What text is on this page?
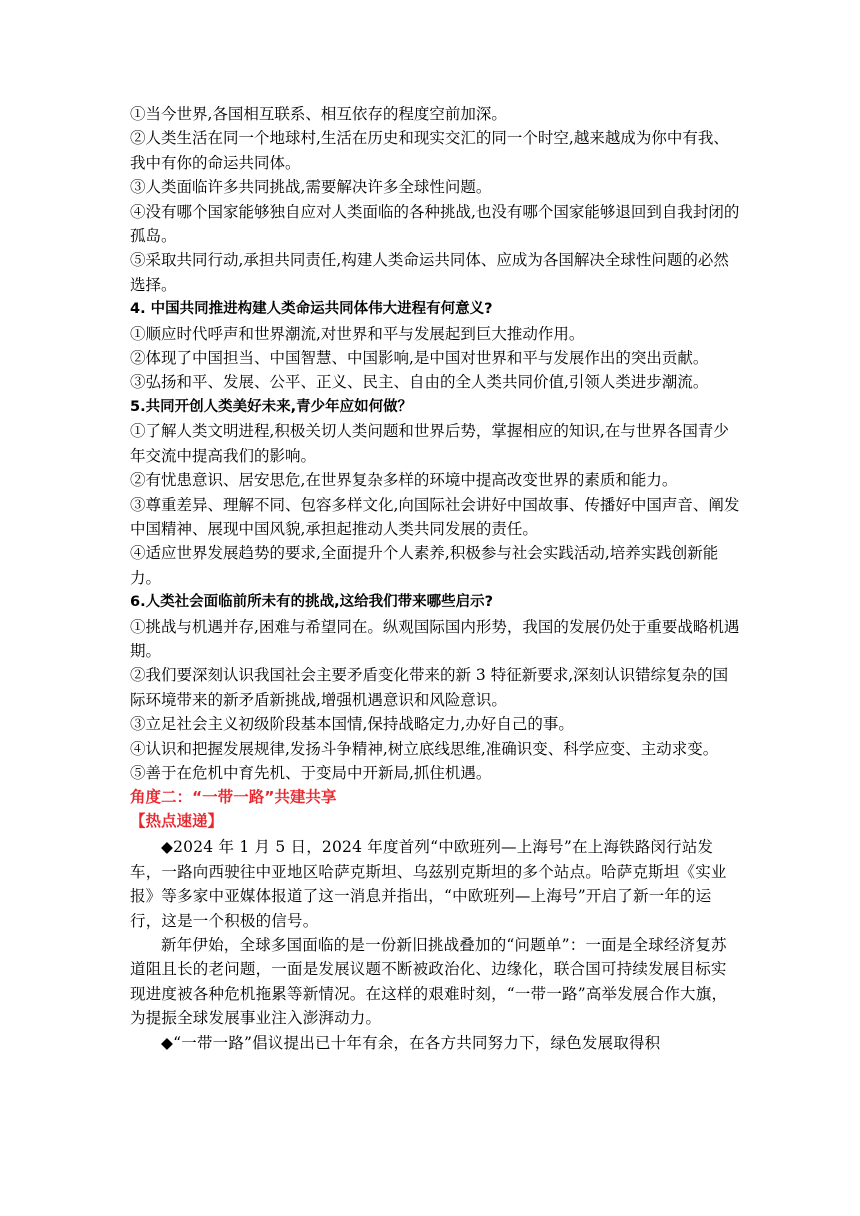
①当今世界,各国相互联系、相互依存的程度空前加深。

②人类生活在同一个地球村,生活在历史和现实交汇的同一个时空,越来越成为你中有我、我中有你的命运共同体。

③人类面临许多共同挑战,需要解决许多全球性问题。

④没有哪个国家能够独自应对人类面临的各种挑战,也没有哪个国家能够退回到自我封闭的孤岛。

⑤采取共同行动,承担共同责任,构建人类命运共同体、应成为各国解决全球性问题的必然选择。

4. 中国共同推进构建人类命运共同体伟大进程有何意义?

①顺应时代呼声和世界潮流,对世界和平与发展起到巨大推动作用。

②体现了中国担当、中国智慧、中国影响,是中国对世界和平与发展作出的突出贡献。

③弘扬和平、发展、公平、正义、民主、自由的全人类共同价值,引领人类进步潮流。

5.共同开创人类美好未来,青少年应如何做？

①了解人类文明进程,积极关切人类问题和世界后势，掌握相应的知识,在与世界各国青少年交流中提高我们的影响。

②有忧患意识、居安思危,在世界复杂多样的环境中提高改变世界的素质和能力。

③尊重差异、理解不同、包容多样文化,向国际社会讲好中国故事、传播好中国声音、阐发中国精神、展现中国风貌,承担起推动人类共同发展的责任。

④适应世界发展趋势的要求,全面提升个人素养,积极参与社会实践活动,培养实践创新能力。

6.人类社会面临前所未有的挑战,这给我们带来哪些启示?

①挑战与机遇并存,困难与希望同在。纵观国际国内形势，我国的发展仍处于重要战略机遇期。

②我们要深刻认识我国社会主要矛盾变化带来的新 3 特征新要求,深刻认识错综复杂的国际环境带来的新矛盾新挑战,增强机遇意识和风险意识。

③立足社会主义初级阶段基本国情,保持战略定力,办好自己的事。

④认识和把握发展规律,发扬斗争精神,树立底线思维,准确识变、科学应变、主动求变。

⑤善于在危机中育先机、于变局中开新局,抓住机遇。

角度二：“一带一路”共建共享

【热点速递】

◆2024 年 1 月 5 日，2024 年度首列“中欧班列—上海号”在上海铁路闵行站发车，一路向西驶往中亚地区哈萨克斯坦、乌兹别克斯坦的多个站点。哈萨克斯坦《实业报》等多家中亚媒体报道了这一消息并指出，“中欧班列—上海号”开启了新一年的运行，这是一个积极的信号。

新年伊始，全球多国面临的是一份新旧挑战叠加的“问题单”：一面是全球经济复苏道阻且长的老问题，一面是发展议题不断被政治化、边缘化，联合国可持续发展目标实现进度被各种危机拖累等新情况。在这样的艰难时刻，“一带一路”高举发展合作大旗，为提振全球发展事业注入澎湃动力。

◆“一带一路”倡议提出已十年有余，在各方共同努力下，绿色发展取得积
